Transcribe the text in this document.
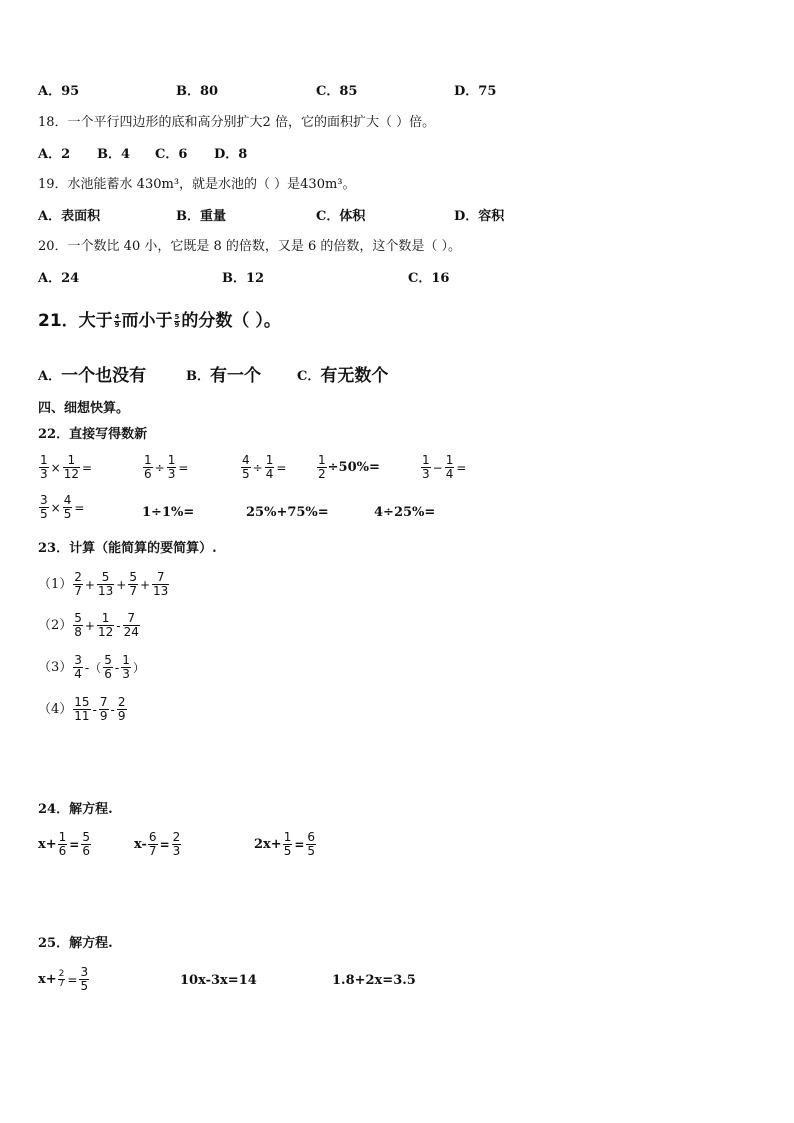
A．95	B．80	C．85	D．75
18．一个平行四边形的底和高分别扩大2 倍，它的面积扩大（ ）倍。
A．2 B．4 C．6 D．8
19．水池能蓄水 430m³，就是水池的（ ）是430m³。
A．表面积	B．重量	C．体积	D．容积
20．一个数比 40 小，它既是 8 的倍数，又是 6 的倍数，这个数是（ ）。
A．24	B．12	C．16
21．大于 $\frac{4}{9}$ 而小于 $\frac{5}{9}$ 的分数（ ）。
A． 一个也没有	B． 有一个	C． 有无数个
四、细想快算。
22．直接写得数新
$\frac{1}{3} \times \frac{1}{12}$ =	$\frac{1}{6} \div \frac{1}{3}$ =	$\frac{4}{5} \div \frac{1}{4}$ =	$\frac{1}{2} \div 50\%=$	$\frac{1}{3} - \frac{1}{4}$ =
$\frac{3}{5} \times \frac{4}{5}$ =	1÷1%=	25%+75%=	4÷25%=
23．计算（能简算的要简算）.
$(1) \frac{2}{7} + \frac{5}{13} + \frac{5}{7} + \frac{7}{13}$
$(2) \frac{5}{8} + \frac{1}{12} - \frac{7}{24}$
$(3) \frac{3}{4}$ -（ $\frac{5}{6} - \frac{1}{3}$ ）
$(4) \frac{15}{11} - \frac{7}{9} - \frac{2}{9}$
24．解方程.
$x+ \frac{1}{6} = \frac{5}{6}$	$x- \frac{6}{7} = \frac{2}{3}$	$2x+ \frac{1}{5} = \frac{6}{5}$
25．解方程.
$x+ \frac{2}{7} = \frac{3}{5}$	10x-3x=14	1.8+2x=3.5
